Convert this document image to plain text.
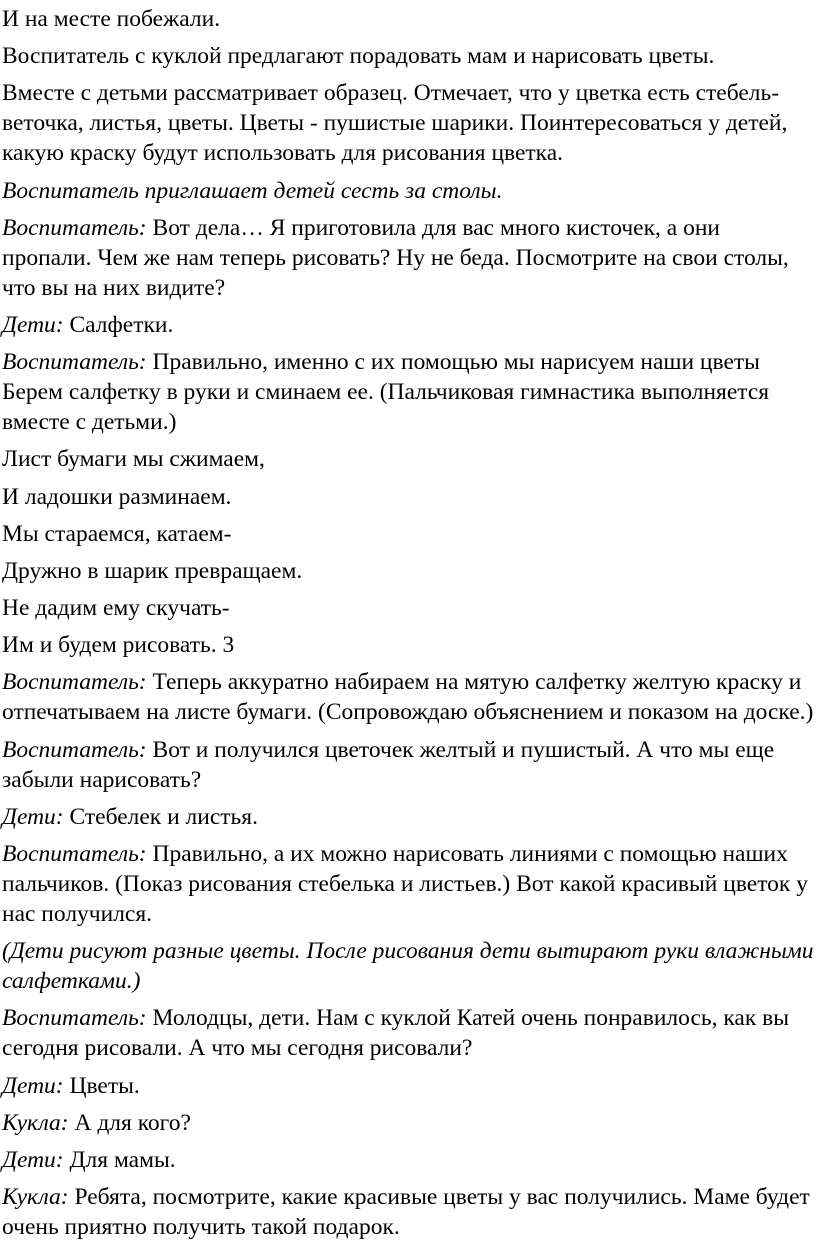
И на месте побежали.

Воспитатель с куклой предлагают порадовать мам и нарисовать цветы.

Вместе с детьми рассматривает образец. Отмечает, что у цветка есть стебель- веточка, листья, цветы. Цветы - пушистые шарики. Поинтересоваться у детей, какую краску будут использовать для рисования цветка.

Воспитатель приглашает детей сесть за столы.

Воспитатель: Вот дела… Я приготовила для вас много кисточек, а они пропали. Чем же нам теперь рисовать? Ну не беда. Посмотрите на свои столы, что вы на них видите?

Дети: Салфетки.

Воспитатель: Правильно, именно с их помощью мы нарисуем наши цветы Берем салфетку в руки и сминаем ее. (Пальчиковая гимнастика выполняется вместе с детьми.)

Лист бумаги мы сжимаем,

И ладошки разминаем.

Мы стараемся, катаем-

Дружно в шарик превращаем.

Не дадим ему скучать-

Им и будем рисовать. 3

Воспитатель: Теперь аккуратно набираем на мятую салфетку желтую краску и отпечатываем на листе бумаги. (Сопровождаю объяснением и показом на доске.)

Воспитатель: Вот и получился цветочек желтый и пушистый. А что мы еще забыли нарисовать?

Дети: Стебелек и листья.

Воспитатель: Правильно, а их можно нарисовать линиями с помощью наших пальчиков. (Показ рисования стебелька и листьев.) Вот какой красивый цветок у нас получился.

(Дети рисуют разные цветы. После рисования дети вытирают руки влажными салфетками.)

Воспитатель: Молодцы, дети. Нам с куклой Катей очень понравилось, как вы сегодня рисовали. А что мы сегодня рисовали?

Дети: Цветы.

Кукла: А для кого?

Дети: Для мамы.

Кукла: Ребята, посмотрите, какие красивые цветы у вас получились. Маме будет очень приятно получить такой подарок.
